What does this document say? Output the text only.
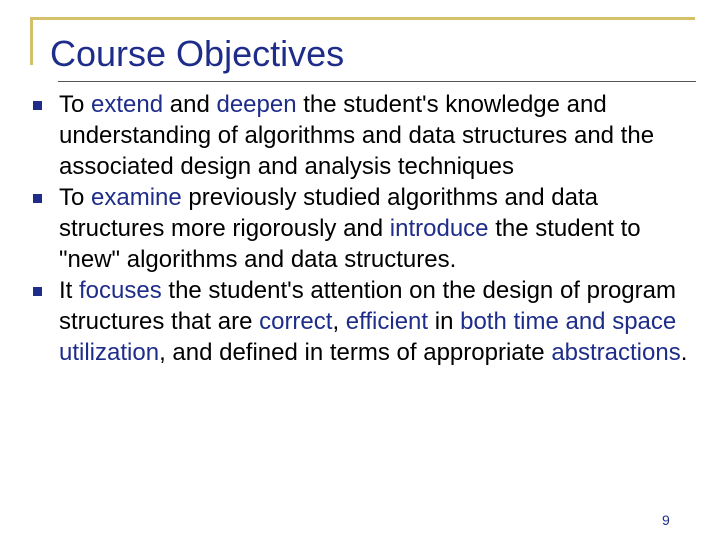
Course Objectives
To extend and deepen the student's knowledge and understanding of algorithms and data structures and the associated design and analysis techniques
To examine previously studied algorithms and data structures more rigorously and introduce the student to "new" algorithms and data structures.
It focuses the student's attention on the design of program structures that are correct, efficient in both time and space utilization, and defined in terms of appropriate abstractions.
9
